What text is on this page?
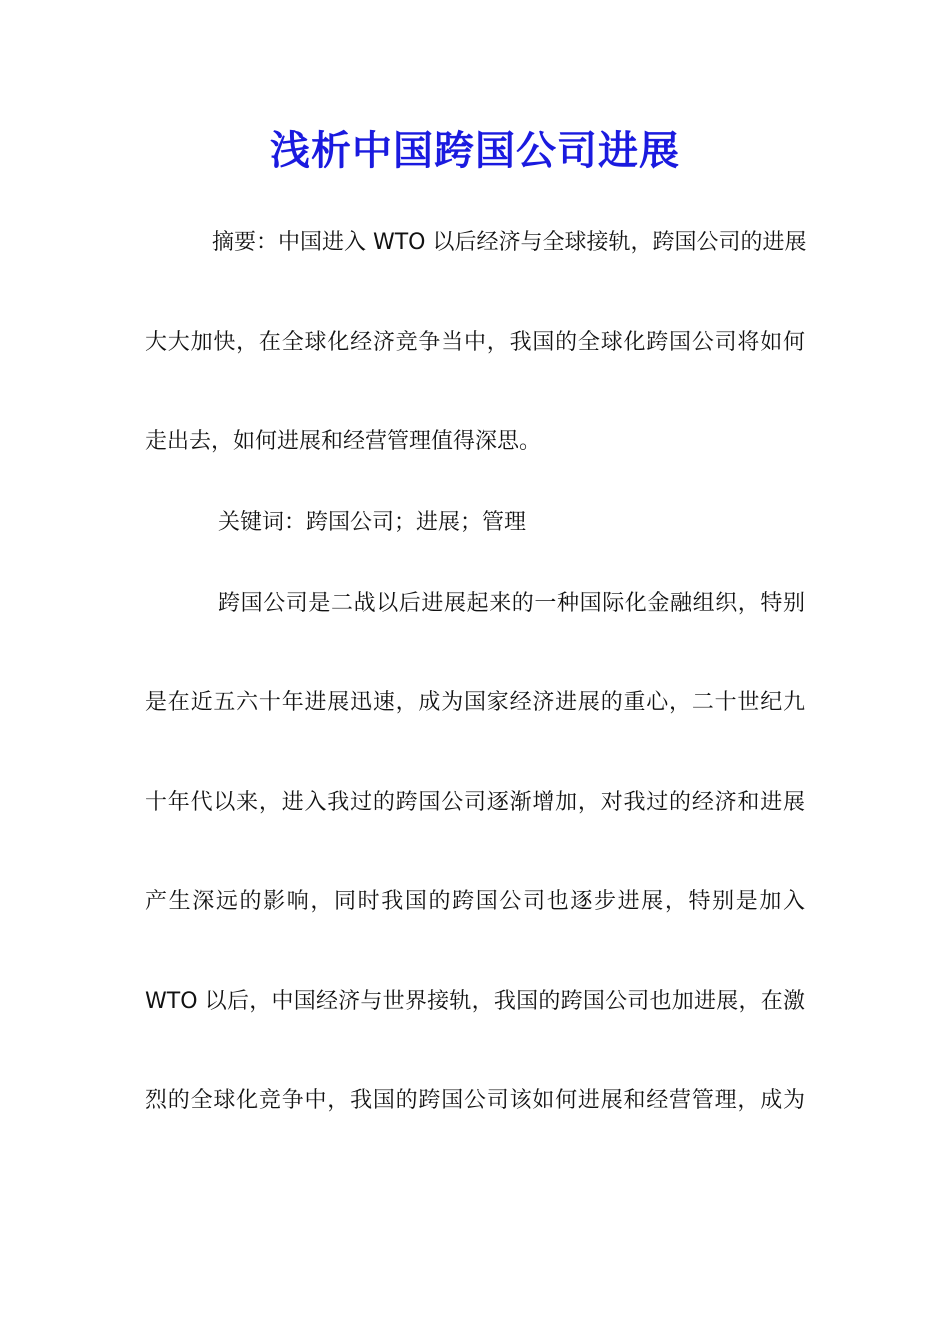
浅析中国跨国公司进展
摘要：中国进入 WTO 以后经济与全球接轨，跨国公司的进展
大大加快，在全球化经济竞争当中，我国的全球化跨国公司将如何
走出去，如何进展和经营管理值得深思。
关键词：跨国公司；进展；管理
跨国公司是二战以后进展起来的一种国际化金融组织，特别
是在近五六十年进展迅速，成为国家经济进展的重心，二十世纪九
十年代以来，进入我过的跨国公司逐渐增加，对我过的经济和进展
产生深远的影响，同时我国的跨国公司也逐步进展，特别是加入
WTO 以后，中国经济与世界接轨，我国的跨国公司也加进展，在激
烈的全球化竞争中，我国的跨国公司该如何进展和经营管理，成为
